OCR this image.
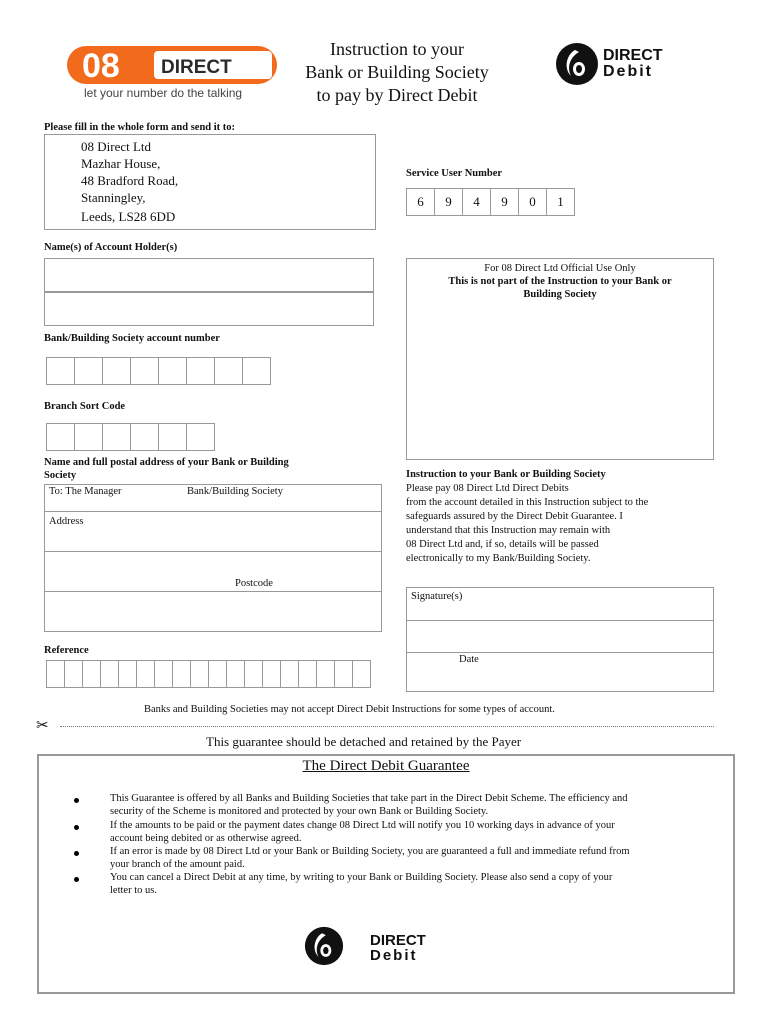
08 DIRECT
let your number do the talking
Instruction to your
Bank or Building Society
to pay by Direct Debit
DIRECT
Debit
Please fill in the whole form and send it to:
08 Direct Ltd
Mazhar House,
48 Bradford Road,
Stanningley,
Leeds, LS28 6DD
Service User Number
6	9	4	9	0	1
Name(s) of Account Holder(s)
For 08 Direct Ltd Official Use Only
This is not part of the Instruction to your Bank or
Building Society
Bank/Building Society account number
Branch Sort Code
Name and full postal address of your Bank or Building
Society
To: The Manager	Bank/Building Society
Address
Postcode
Instruction to your Bank or Building Society
Please pay 08 Direct Ltd Direct Debits
from the account detailed in this Instruction subject to the
safeguards assured by the Direct Debit Guarantee. I
understand that this Instruction may remain with
08 Direct Ltd and, if so, details will be passed
electronically to my Bank/Building Society.
Signature(s)
Date
Reference
Banks and Building Societies may not accept Direct Debit Instructions for some types of account.
✂
This guarantee should be detached and retained by the Payer
The Direct Debit Guarantee
This Guarantee is offered by all Banks and Building Societies that take part in the Direct Debit Scheme. The efficiency and security of the Scheme is monitored and protected by your own Bank or Building Society.
If the amounts to be paid or the payment dates change 08 Direct Ltd will notify you 10 working days in advance of your account being debited or as otherwise agreed.
If an error is made by 08 Direct Ltd or your Bank or Building Society, you are guaranteed a full and immediate refund from your branch of the amount paid.
You can cancel a Direct Debit at any time, by writing to your Bank or Building Society. Please also send a copy of your letter to us.
DIRECT
Debit
